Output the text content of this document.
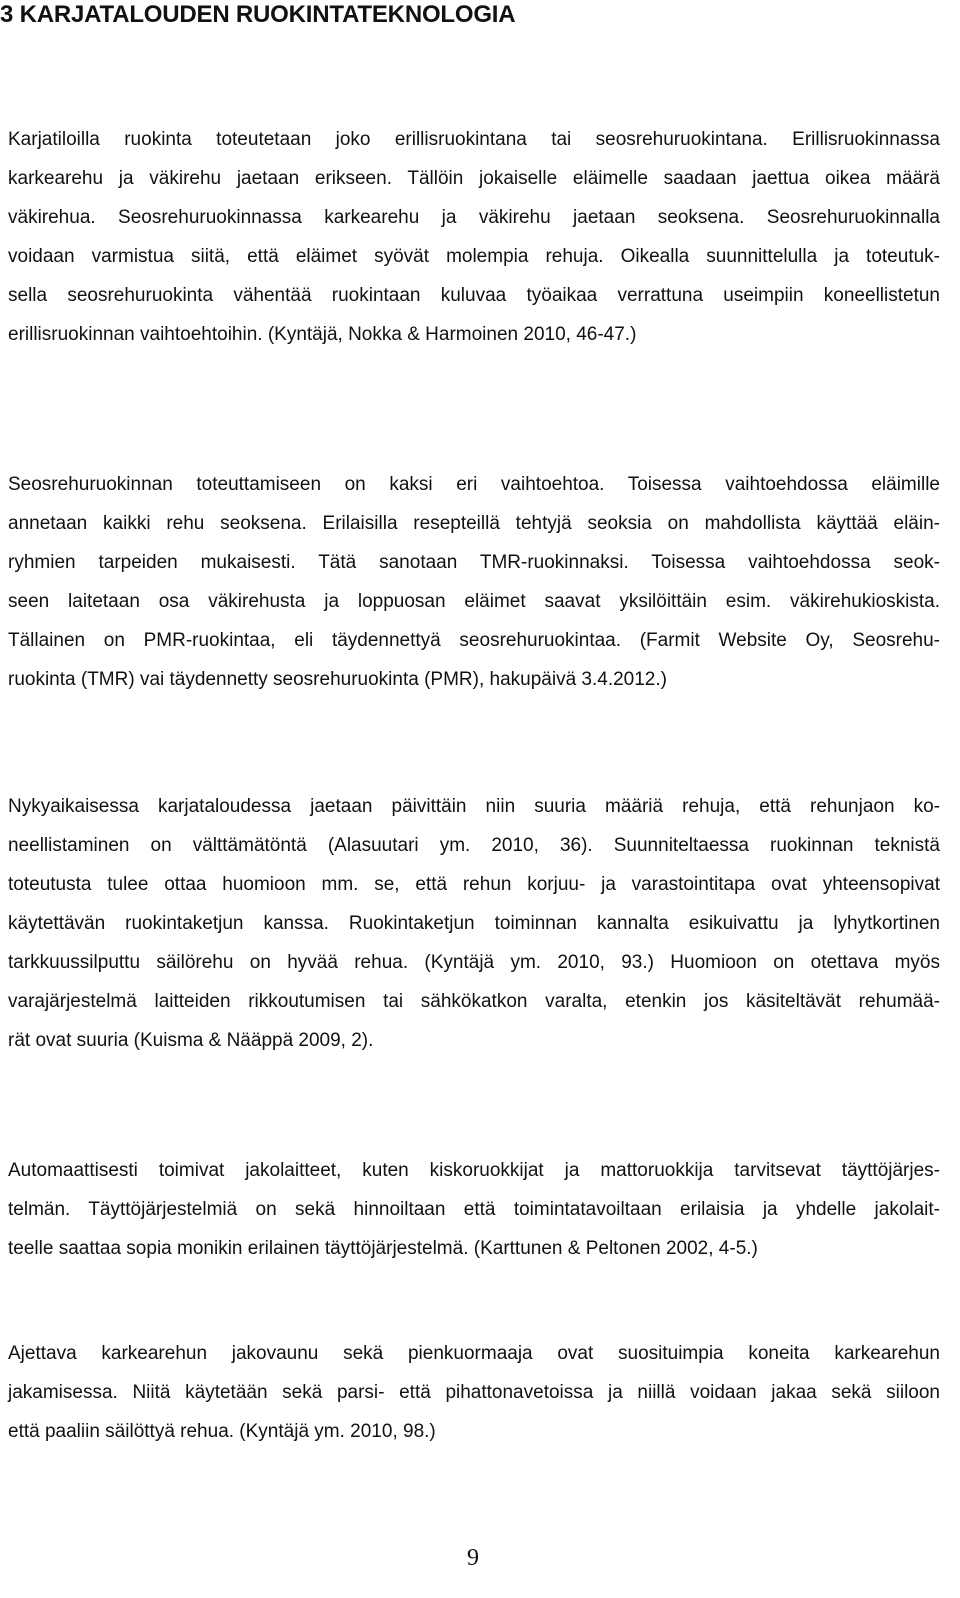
3 KARJATALOUDEN RUOKINTATEKNOLOGIA
Karjatiloilla ruokinta toteutetaan joko erillisruokintana tai seosrehuruokintana. Erillisruokinnassa
karkearehu ja väkirehu jaetaan erikseen. Tällöin jokaiselle eläimelle saadaan jaettua oikea määrä
väkirehua. Seosrehuruokinnassa karkearehu ja väkirehu jaetaan seoksena. Seosrehuruokinnalla
voidaan varmistua siitä, että eläimet syövät molempia rehuja. Oikealla suunnittelulla ja toteutuk-
sella seosrehuruokinta vähentää ruokintaan kuluvaa työaikaa verrattuna useimpiin koneellistetun
erillisruokinnan vaihtoehtoihin. (Kyntäjä, Nokka & Harmoinen 2010, 46-47.)
Seosrehuruokinnan toteuttamiseen on kaksi eri vaihtoehtoa. Toisessa vaihtoehdossa eläimille
annetaan kaikki rehu seoksena. Erilaisilla resepteillä tehtyjä seoksia on mahdollista käyttää eläin-
ryhmien tarpeiden mukaisesti. Tätä sanotaan TMR-ruokinnaksi. Toisessa vaihtoehdossa seok-
seen laitetaan osa väkirehusta ja loppuosan eläimet saavat yksilöittäin esim. väkirehukioskista.
Tällainen on PMR-ruokintaa, eli täydennettyä seosrehuruokintaa. (Farmit Website Oy, Seosrehu-
ruokinta (TMR) vai täydennetty seosrehuruokinta (PMR), hakupäivä 3.4.2012.)
Nykyaikaisessa karjataloudessa jaetaan päivittäin niin suuria määriä rehuja, että rehunjaon ko-
neellistaminen on välttämätöntä (Alasuutari ym. 2010, 36). Suunniteltaessa ruokinnan teknistä
toteutusta tulee ottaa huomioon mm. se, että rehun korjuu- ja varastointitapa ovat yhteensopivat
käytettävän ruokintaketjun kanssa. Ruokintaketjun toiminnan kannalta esikuivattu ja lyhytkortinen
tarkkuussilputtu säilörehu on hyvää rehua. (Kyntäjä ym. 2010, 93.) Huomioon on otettava myös
varajärjestelmä laitteiden rikkoutumisen tai sähkökatkon varalta, etenkin jos käsiteltävät rehumää-
rät ovat suuria (Kuisma & Nääppä 2009, 2).
Automaattisesti toimivat jakolaitteet, kuten kiskoruokkijat ja mattoruokkija tarvitsevat täyttöjärjes-
telmän. Täyttöjärjestelmiä on sekä hinnoiltaan että toimintatavoiltaan erilaisia ja yhdelle jakolait-
teelle saattaa sopia monikin erilainen täyttöjärjestelmä. (Karttunen & Peltonen 2002, 4-5.)
Ajettava karkearehun jakovaunu sekä pienkuormaaja ovat suosituimpia koneita karkearehun
jakamisessa. Niitä käytetään sekä parsi- että pihattonavetoissa ja niillä voidaan jakaa sekä siiloon
että paaliin säilöttyä rehua. (Kyntäjä ym. 2010, 98.)
9
